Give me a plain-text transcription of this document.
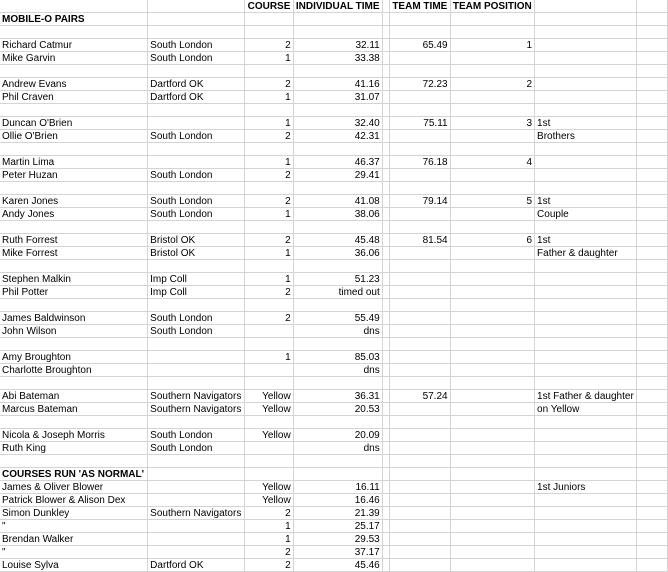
		COURSE	INDIVIDUAL TIME		TEAM TIME	TEAM POSITION		
MOBILE-O PAIRS								

Richard Catmur	South London	2	32.11		65.49	1		
Mike Garvin	South London	1	33.38					

Andrew Evans	Dartford OK	2	41.16		72.23	2		
Phil Craven	Dartford OK	1	31.07					

Duncan O'Brien		1	32.40		75.11	3	1st	
Ollie O'Brien	South London	2	42.31				Brothers	

Martin Lima		1	46.37		76.18	4		
Peter Huzan	South London	2	29.41					

Karen Jones	South London	2	41.08		79.14	5	1st	
Andy Jones	South London	1	38.06				Couple	

Ruth Forrest	Bristol OK	2	45.48		81.54	6	1st	
Mike Forrest	Bristol OK	1	36.06				Father & daughter	

Stephen Malkin	Imp Coll	1	51.23					
Phil Potter	Imp Coll	2	timed out					

James Baldwinson	South London	2	55.49					
John Wilson	South London		dns					

Amy Broughton		1	85.03					
Charlotte Broughton			dns					

Abi Bateman	Southern Navigators	Yellow	36.31		57.24		1st Father & daughter	
Marcus Bateman	Southern Navigators	Yellow	20.53				on Yellow	

Nicola & Joseph Morris	South London	Yellow	20.09					
Ruth King	South London		dns					

COURSES RUN 'AS NORMAL'								
James & Oliver Blower		Yellow	16.11				1st Juniors	
Patrick Blower & Alison Dex		Yellow	16.46					
Simon Dunkley	Southern Navigators	2	21.39					
"		1	25.17					
Brendan Walker		1	29.53					
"		2	37.17					
Louise Sylva	Dartford OK	2	45.46					
